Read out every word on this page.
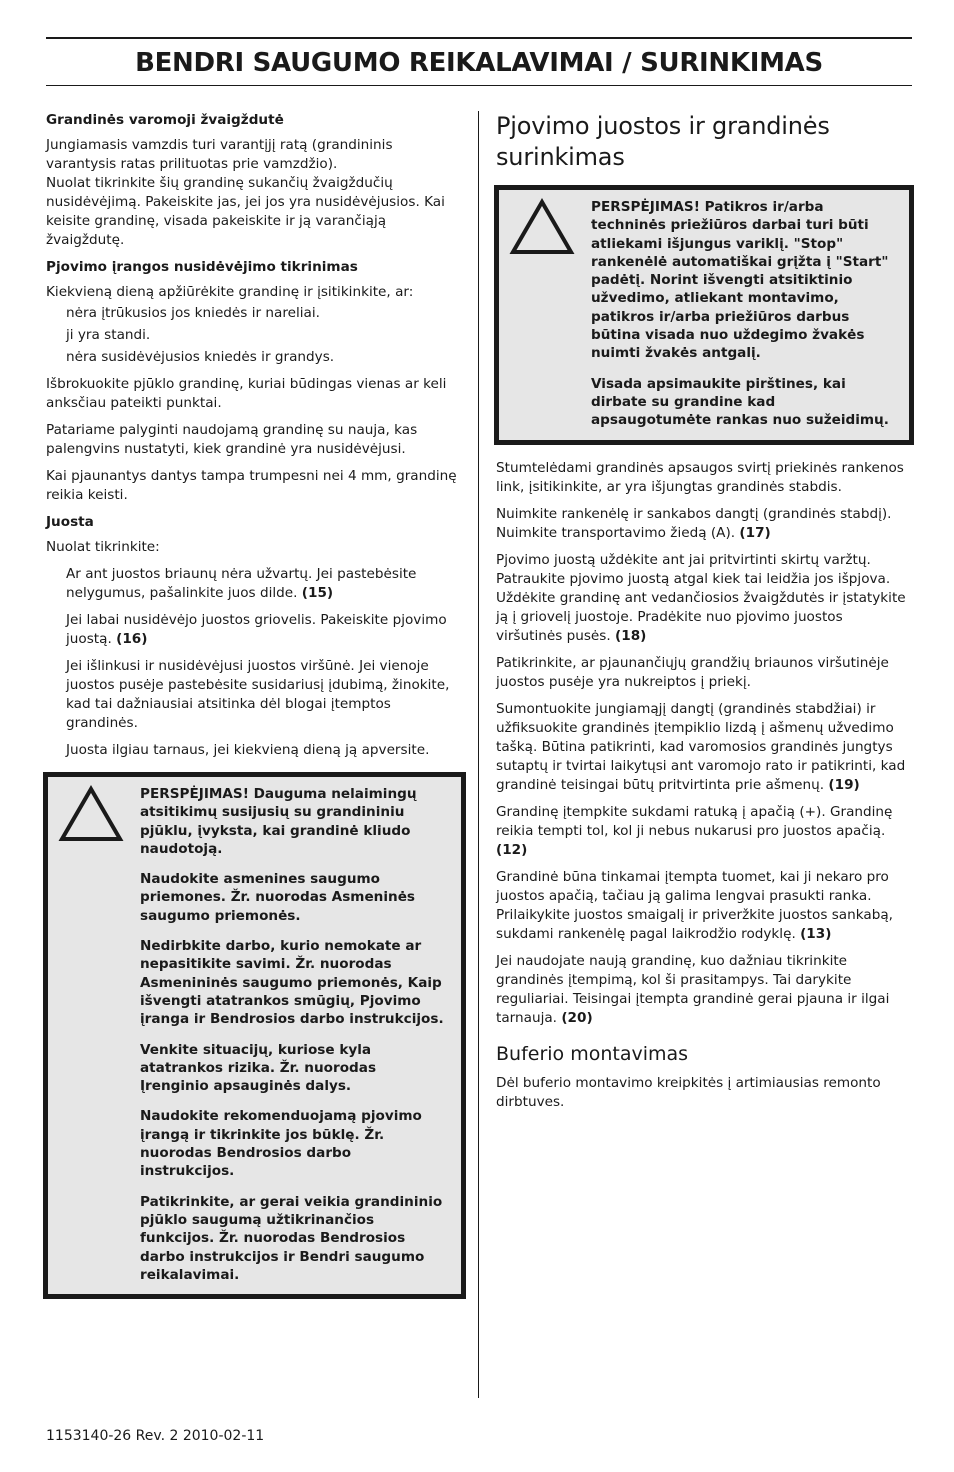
BENDRI SAUGUMO REIKALAVIMAI / SURINKIMAS

Grandinės varomoji žvaigždutė

Jungiamasis vamzdis turi varantįjį ratą (grandininis varantysis ratas prilituotas prie vamzdžio).

Nuolat tikrinkite šių grandinę sukančių žvaigždučių nusidėvėjimą. Pakeiskite jas, jei jos yra nusidėvėjusios. Kai keisite grandinę, visada pakeiskite ir ją varančiąją žvaigždutę.

Pjovimo įrangos nusidėvėjimo tikrinimas

Kiekvieną dieną apžiūrėkite grandinę ir įsitikinkite, ar:

nėra įtrūkusios jos kniedės ir nareliai.

ji yra standi.

nėra susidėvėjusios kniedės ir grandys.

Išbrokuokite pjūklo grandinę, kuriai būdingas vienas ar keli anksčiau pateikti punktai.

Patariame palyginti naudojamą grandinę su nauja, kas palengvins nustatyti, kiek grandinė yra nusidėvėjusi.

Kai pjaunantys dantys tampa trumpesni nei 4 mm, grandinę reikia keisti.

Juosta

Nuolat tikrinkite:

Ar ant juostos briaunų nėra užvartų. Jei pastebėsite nelygumus, pašalinkite juos dilde. (15)

Jei labai nusidėvėjo juostos griovelis. Pakeiskite pjovimo juostą. (16)

Jei išlinkusi ir nusidėvėjusi juostos viršūnė. Jei vienoje juostos pusėje pastebėsite susidariusį įdubimą, žinokite, kad tai dažniausiai atsitinka dėl blogai įtemptos grandinės.

Juosta ilgiau tarnaus, jei kiekvieną dieną ją apversite.

PERSPĖJIMAS! Dauguma nelaimingų atsitikimų susijusių su grandininiu pjūklu, įvyksta, kai grandinė kliudo naudotoją.

Naudokite asmenines saugumo priemones. Žr. nuorodas Asmeninės saugumo priemonės.

Nedirbkite darbo, kurio nemokate ar nepasitikite savimi. Žr. nuorodas Asmenininės saugumo priemonės, Kaip išvengti atatrankos smūgių, Pjovimo įranga ir Bendrosios darbo instrukcijos.

Venkite situacijų, kuriose kyla atatrankos rizika. Žr. nuorodas Įrenginio apsauginės dalys.

Naudokite rekomenduojamą pjovimo įrangą ir tikrinkite jos būklę. Žr. nuorodas Bendrosios darbo instrukcijos.

Patikrinkite, ar gerai veikia grandininio pjūklo saugumą užtikrinančios funkcijos. Žr. nuorodas Bendrosios darbo instrukcijos ir Bendri saugumo reikalavimai.

Pjovimo juostos ir grandinės surinkimas

PERSPĖJIMAS! Patikros ir/arba techninės priežiūros darbai turi būti atliekami išjungus variklį. "Stop" rankenėlė automatiškai grįžta į "Start" padėtį. Norint išvengti atsitiktinio užvedimo, atliekant montavimo, patikros ir/arba priežiūros darbus būtina visada nuo uždegimo žvakės nuimti žvakės antgalį.

Visada apsimaukite pirštines, kai dirbate su grandine kad apsaugotumėte rankas nuo sužeidimų.

Stumtelėdami grandinės apsaugos svirtį priekinės rankenos link, įsitikinkite, ar yra išjungtas grandinės stabdis.

Nuimkite rankenėlę ir sankabos dangtį (grandinės stabdį). Nuimkite transportavimo žiedą (A). (17)

Pjovimo juostą uždėkite ant jai pritvirtinti skirtų varžtų. Patraukite pjovimo juostą atgal kiek tai leidžia jos išpjova. Uždėkite grandinę ant vedančiosios žvaigždutės ir įstatykite ją į griovelį juostoje. Pradėkite nuo pjovimo juostos viršutinės pusės. (18)

Patikrinkite, ar pjaunančiųjų grandžių briaunos viršutinėje juostos pusėje yra nukreiptos į priekį.

Sumontuokite jungiamąjį dangtį (grandinės stabdžiai) ir užfiksuokite grandinės įtempiklio lizdą į ašmenų užvedimo tašką. Būtina patikrinti, kad varomosios grandinės jungtys sutaptų ir tvirtai laikytųsi ant varomojo rato ir patikrinti, kad grandinė teisingai būtų pritvirtinta prie ašmenų. (19)

Grandinę įtempkite sukdami ratuką į apačią (+). Grandinę reikia tempti tol, kol ji nebus nukarusi pro juostos apačią. (12)

Grandinė būna tinkamai įtempta tuomet, kai ji nekaro pro juostos apačią, tačiau ją galima lengvai prasukti ranka. Prilaikykite juostos smaigalį ir priveržkite juostos sankabą, sukdami rankenėlę pagal laikrodžio rodyklę. (13)

Jei naudojate naują grandinę, kuo dažniau tikrinkite grandinės įtempimą, kol ši prasitampys. Tai darykite reguliariai. Teisingai įtempta grandinė gerai pjauna ir ilgai tarnauja. (20)

Buferio montavimas

Dėl buferio montavimo kreipkitės į artimiausias remonto dirbtuves.

1153140-26 Rev. 2 2010-02-11
